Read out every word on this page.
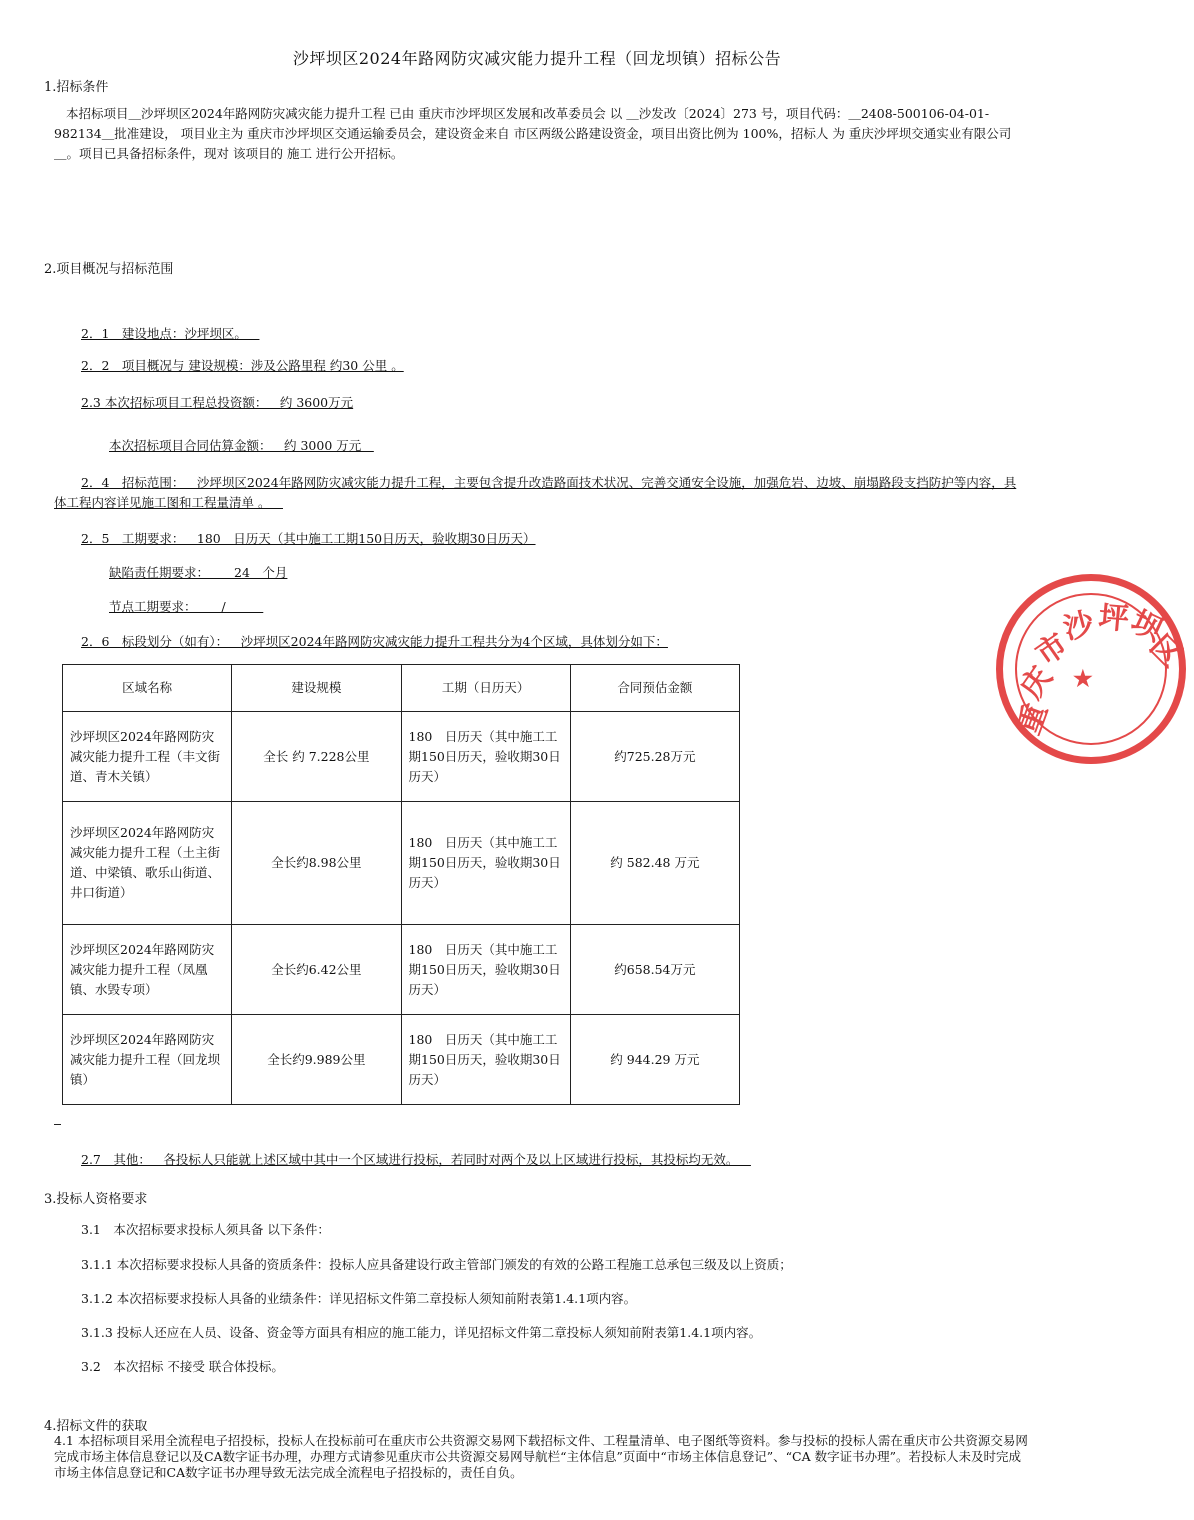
沙坪坝区2024年路网防灾减灾能力提升工程（回龙坝镇）招标公告
1.招标条件
本招标项目＿沙坪坝区2024年路网防灾减灾能力提升工程 已由 重庆市沙坪坝区发展和改革委员会 以 ＿沙发改〔2024〕273 号，项目代码：＿2408-500106-04-01-982134＿批准建设， 项目业主为 重庆市沙坪坝区交通运输委员会，建设资金来自 市区两级公路建设资金，项目出资比例为 100%，招标人 为 重庆沙坪坝交通实业有限公司＿。项目已具备招标条件，现对 该项目的 施工 进行公开招标。
2.项目概况与招标范围
2．1＿建设地点：沙坪坝区。＿
2．2＿项目概况与 建设规模：涉及公路里程 约30 公里 。
2.3 本次招标项目工程总投资额：＿约 3600万元
本次招标项目合同估算金额：＿约 3000 万元＿
2．4＿招标范围：＿沙坪坝区2024年路网防灾减灾能力提升工程，主要包含提升改造路面技术状况、完善交通安全设施，加强危岩、边坡、崩塌路段支挡防护等内容，具体工程内容详见施工图和工程量清单 。＿
2．5＿工期要求：＿180＿日历天（其中施工工期150日历天，验收期30日历天）
缺陷责任期要求：＿＿24＿个月
节点工期要求：＿＿/＿＿＿
2．6＿标段划分（如有）：＿沙坪坝区2024年路网防灾减灾能力提升工程共分为4个区域，具体划分如下：
区域名称	建设规模	工期（日历天）	合同预估金额
沙坪坝区2024年路网防灾减灾能力提升工程（丰文街道、青木关镇）	全长 约 7.228公里	180　日历天（其中施工工期150日历天，验收期30日历天）	约725.28万元
沙坪坝区2024年路网防灾减灾能力提升工程（土主街道、中梁镇、歌乐山街道、井口街道）	全长约8.98公里	180　日历天（其中施工工期150日历天，验收期30日历天）	约 582.48 万元
沙坪坝区2024年路网防灾减灾能力提升工程（凤凰镇、水毁专项）	全长约6.42公里	180　日历天（其中施工工期150日历天，验收期30日历天）	约658.54万元
沙坪坝区2024年路网防灾减灾能力提升工程（回龙坝镇）	全长约9.989公里	180　日历天（其中施工工期150日历天，验收期30日历天）	约 944.29 万元
2.7＿其他：＿各投标人只能就上述区域中其中一个区域进行投标，若同时对两个及以上区域进行投标，其投标均无效。＿
3.投标人资格要求
3.1　本次招标要求投标人须具备 以下条件：
3.1.1 本次招标要求投标人具备的资质条件：投标人应具备建设行政主管部门颁发的有效的公路工程施工总承包三级及以上资质；
3.1.2 本次招标要求投标人具备的业绩条件：详见招标文件第二章投标人须知前附表第1.4.1项内容。
3.1.3 投标人还应在人员、设备、资金等方面具有相应的施工能力，详见招标文件第二章投标人须知前附表第1.4.1项内容。
3.2　本次招标 不接受 联合体投标。
4.招标文件的获取
4.1 本招标项目采用全流程电子招投标，投标人在投标前可在重庆市公共资源交易网下载招标文件、工程量清单、电子图纸等资料。参与投标的投标人需在重庆市公共资源交易网完成市场主体信息登记以及CA数字证书办理，办理方式请参见重庆市公共资源交易网导航栏“主体信息”页面中“市场主体信息登记”、“CA 数字证书办理”。若投标人未及时完成市场主体信息登记和CA数字证书办理导致无法完成全流程电子招投标的，责任自负。
重
庆
市
沙 坪
坝
区
★
